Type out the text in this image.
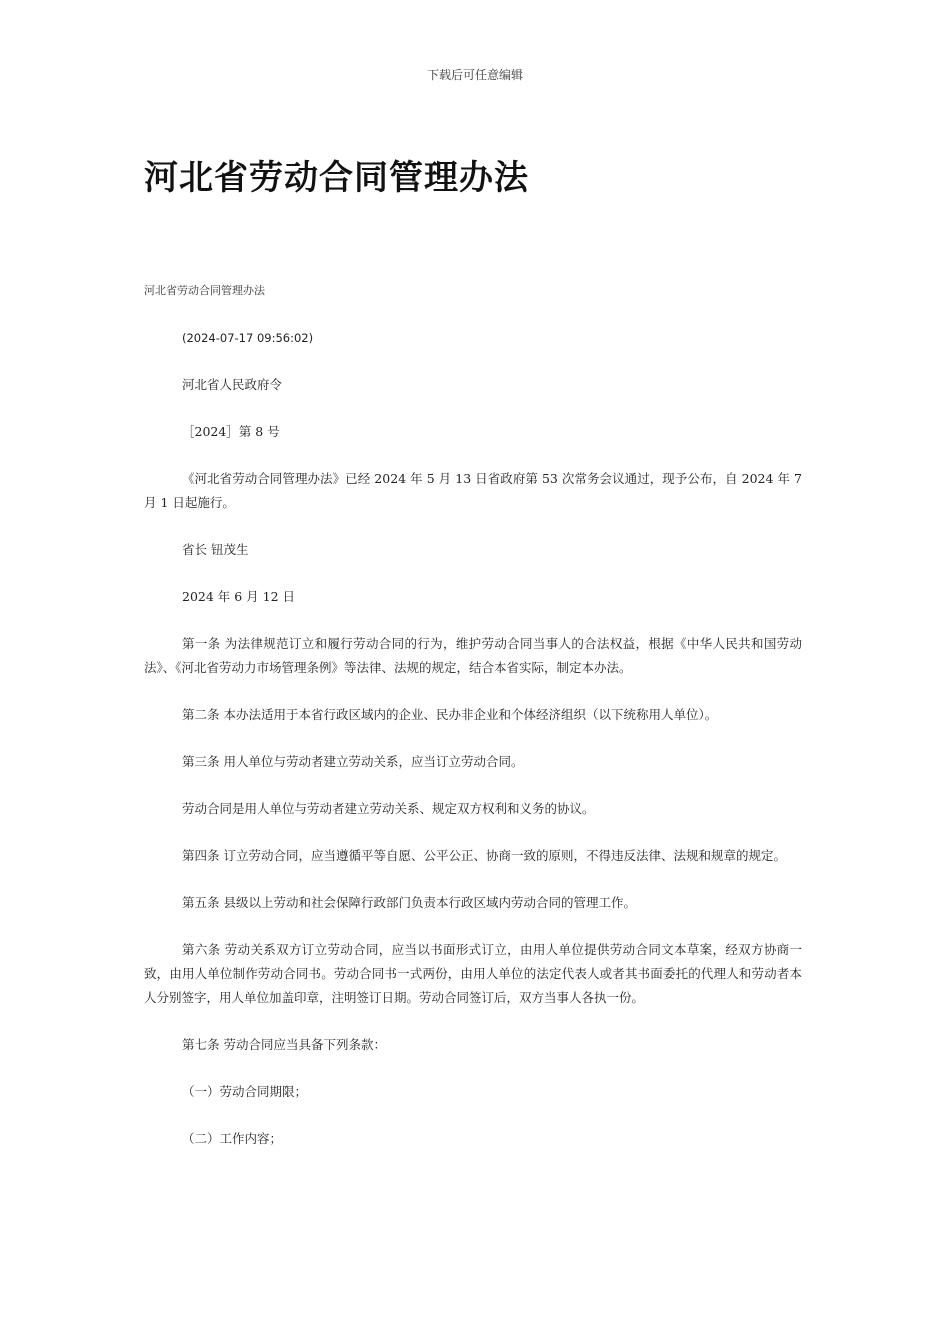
下载后可任意编辑
河北省劳动合同管理办法
河北省劳动合同管理办法

(2024-07-17 09:56:02)

河北省人民政府令

［2024］第 8 号

《河北省劳动合同管理办法》已经 2024 年 5 月 13 日省政府第 53 次常务会议通过，现予公布，自 2024 年 7 月 1 日起施行。

省长 钮茂生

2024 年 6 月 12 日

第一条 为法律规范订立和履行劳动合同的行为，维护劳动合同当事人的合法权益，根据《中华人民共和国劳动法》、《河北省劳动力市场管理条例》等法律、法规的规定，结合本省实际，制定本办法。

第二条 本办法适用于本省行政区域内的企业、民办非企业和个体经济组织（以下统称用人单位）。

第三条 用人单位与劳动者建立劳动关系，应当订立劳动合同。

劳动合同是用人单位与劳动者建立劳动关系、规定双方权利和义务的协议。

第四条 订立劳动合同，应当遵循平等自愿、公平公正、协商一致的原则，不得违反法律、法规和规章的规定。

第五条 县级以上劳动和社会保障行政部门负责本行政区域内劳动合同的管理工作。

第六条 劳动关系双方订立劳动合同，应当以书面形式订立，由用人单位提供劳动合同文本草案，经双方协商一致，由用人单位制作劳动合同书。劳动合同书一式两份，由用人单位的法定代表人或者其书面委托的代理人和劳动者本人分别签字，用人单位加盖印章，注明签订日期。劳动合同签订后，双方当事人各执一份。

第七条 劳动合同应当具备下列条款：

（一）劳动合同期限；

（二）工作内容；
